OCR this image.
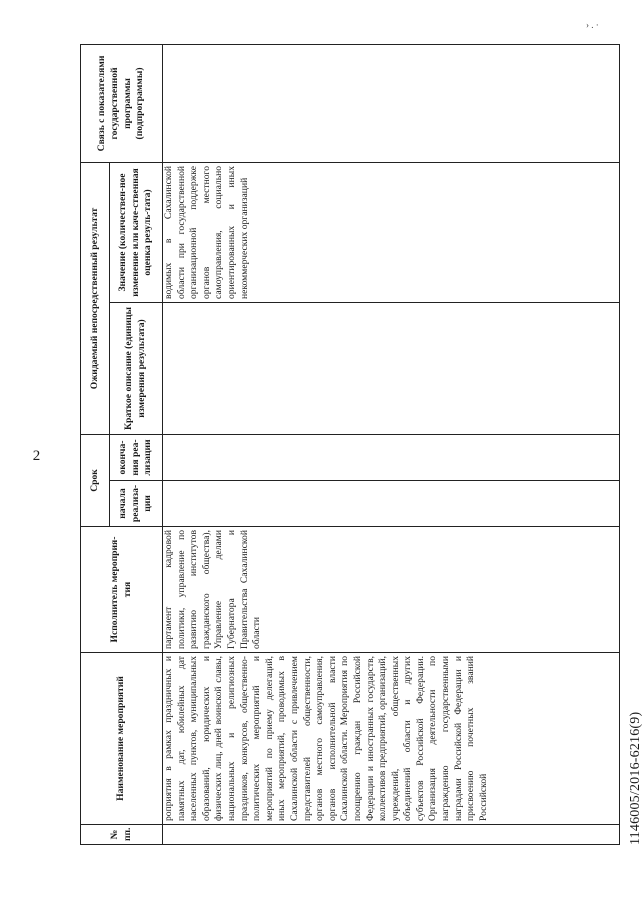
› . ·
2
№ пп.	Наименование мероприятий	Исполнитель мероприя-тия	Срок		Ожидаемый непосредственный результат		Связь с показателями государственной программы (подпрограммы)
			начала реализа-ции	оконча-ния реа-лизации	Краткое описание (единицы измерения результата)	Значение (количествен-ное изменение или каче-ственная оценка резуль-тата)	
	роприятия в рамках праздничных и памятных дат, юбилейных дат населенных пунктов, муниципальных образований, юридических и физических лиц, дней воинской славы, национальных и религиозных праздников, конкурсов, общественно-политических мероприятий и мероприятий по приему делегаций, иных мероприятий, проводимых в Сахалинской области с привлечением представителей общественности, органов местного самоуправления, органов исполнительной власти Сахалинской области. Мероприятия по поощрению граждан Российской Федерации и иностранных государств, коллективов предприятий, организаций, учреждений, общественных объединений области и других субъектов Российской Федерации. Организация деятельности по награждению государственными наградами Российской Федерации и присвоению почетных званий Российской	партамент кадровой политики, управление по развитию институтов гражданского общества), Управление делами Губернатора и Правительства Сахалинской области				водимых в Сахалинской области при государственной организационной поддержке органов местного самоуправления, социально ориентированных и иных некоммерческих организаций	
1146005/2016-6216(9)
